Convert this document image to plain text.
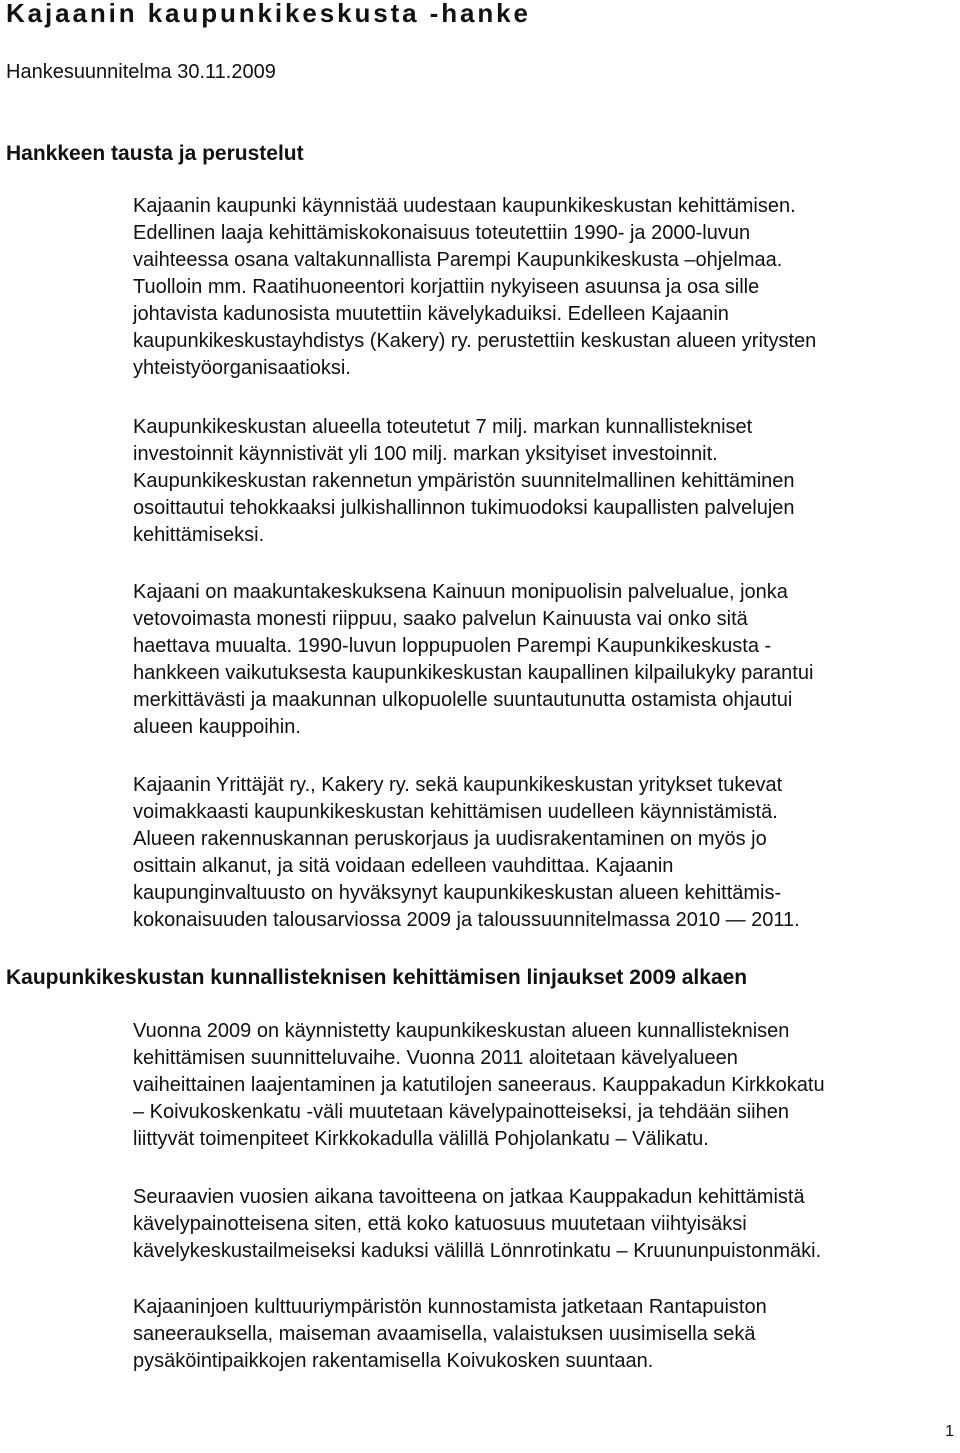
Kajaanin kaupunkikeskusta -hanke

Hankesuunnitelma 30.11.2009

Hankkeen tausta ja perustelut

Kajaanin kaupunki käynnistää uudestaan kaupunkikeskustan kehittämisen.
Edellinen laaja kehittämiskokonaisuus toteutettiin 1990- ja 2000-luvun
vaihteessa osana valtakunnallista Parempi Kaupunkikeskusta –ohjelmaa.
Tuolloin mm. Raatihuoneentori korjattiin nykyiseen asuunsa ja osa sille
johtavista kadunosista muutettiin kävelykaduiksi. Edelleen Kajaanin
kaupunkikeskustayhdistys (Kakery) ry. perustettiin keskustan alueen yritysten
yhteistyöorganisaatioksi.

Kaupunkikeskustan alueella toteutetut 7 milj. markan kunnallistekniset
investoinnit käynnistivät yli 100 milj. markan yksityiset investoinnit.
Kaupunkikeskustan rakennetun ympäristön suunnitelmallinen kehittäminen
osoittautui tehokkaaksi julkishallinnon tukimuodoksi kaupallisten palvelujen
kehittämiseksi.

Kajaani on maakuntakeskuksena Kainuun monipuolisin palvelualue, jonka
vetovoimasta monesti riippuu, saako palvelun Kainuusta vai onko sitä
haettava muualta. 1990-luvun loppupuolen Parempi Kaupunkikeskusta -
hankkeen vaikutuksesta kaupunkikeskustan kaupallinen kilpailukyky parantui
merkittävästi ja maakunnan ulkopuolelle suuntautunutta ostamista ohjautui
alueen kauppoihin.

Kajaanin Yrittäjät ry., Kakery ry. sekä kaupunkikeskustan yritykset tukevat
voimakkaasti kaupunkikeskustan kehittämisen uudelleen käynnistämistä.
Alueen rakennuskannan peruskorjaus ja uudisrakentaminen on myös jo
osittain alkanut, ja sitä voidaan edelleen vauhdittaa. Kajaanin
kaupunginvaltuusto on hyväksynyt kaupunkikeskustan alueen kehittämis-
kokonaisuuden talousarviossa 2009 ja taloussuunnitelmassa 2010 — 2011.

Kaupunkikeskustan kunnallisteknisen kehittämisen linjaukset 2009 alkaen

Vuonna 2009 on käynnistetty kaupunkikeskustan alueen kunnallisteknisen
kehittämisen suunnitteluvaihe. Vuonna 2011 aloitetaan kävelyalueen
vaiheittainen laajentaminen ja katutilojen saneeraus. Kauppakadun Kirkkokatu
– Koivukoskenkatu -väli muutetaan kävelypainotteiseksi, ja tehdään siihen
liittyvät toimenpiteet Kirkkokadulla välillä Pohjolankatu – Välikatu.

Seuraavien vuosien aikana tavoitteena on jatkaa Kauppakadun kehittämistä
kävelypainotteisena siten, että koko katuosuus muutetaan viihtyisäksi
kävelykeskustailmeiseksi kaduksi välillä Lönnrotinkatu – Kruununpuistonmäki.

Kajaaninjoen kulttuuriympäristön kunnostamista jatketaan Rantapuiston
saneerauksella, maiseman avaamisella, valaistuksen uusimisella sekä
pysäköintipaikkojen rakentamisella Koivukosken suuntaan.

1
